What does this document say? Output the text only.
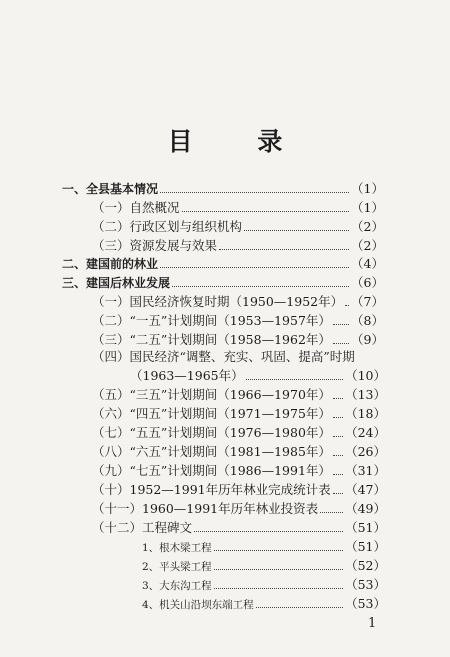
目 录
一、全县基本情况	（1）
（一）自然概况	（1）
（二）行政区划与组织机构	（2）
（三）资源发展与效果	（2）
二、建国前的林业	（4）
三、建国后林业发展	（6）
（一）国民经济恢复时期（1950—1952年） （7）
（二）“一五”计划期间（1953—1957年） （8）
（三）“二五”计划期间（1958—1962年） （9）
（四）国民经济“调整、充实、巩固、提高”时期
（1963—1965年）	（10）
（五）“三五”计划期间（1966—1970年） （13）
（六）“四五”计划期间（1971—1975年） （18）
（七）“五五”计划期间（1976—1980年） （24）
（八）“六五”计划期间（1981—1985年） （26）
（九）“七五”计划期间（1986—1991年） （31）
（十）1952—1991年历年林业完成统计表 （47）
（十一）1960—1991年历年林业投资表 （49）
（十二）工程碑文	（51）
1、根木梁工程	（51）
2、平头梁工程	（52）
3、大东沟工程	（53）
4、机关山沿坝东端工程	（53）
1
